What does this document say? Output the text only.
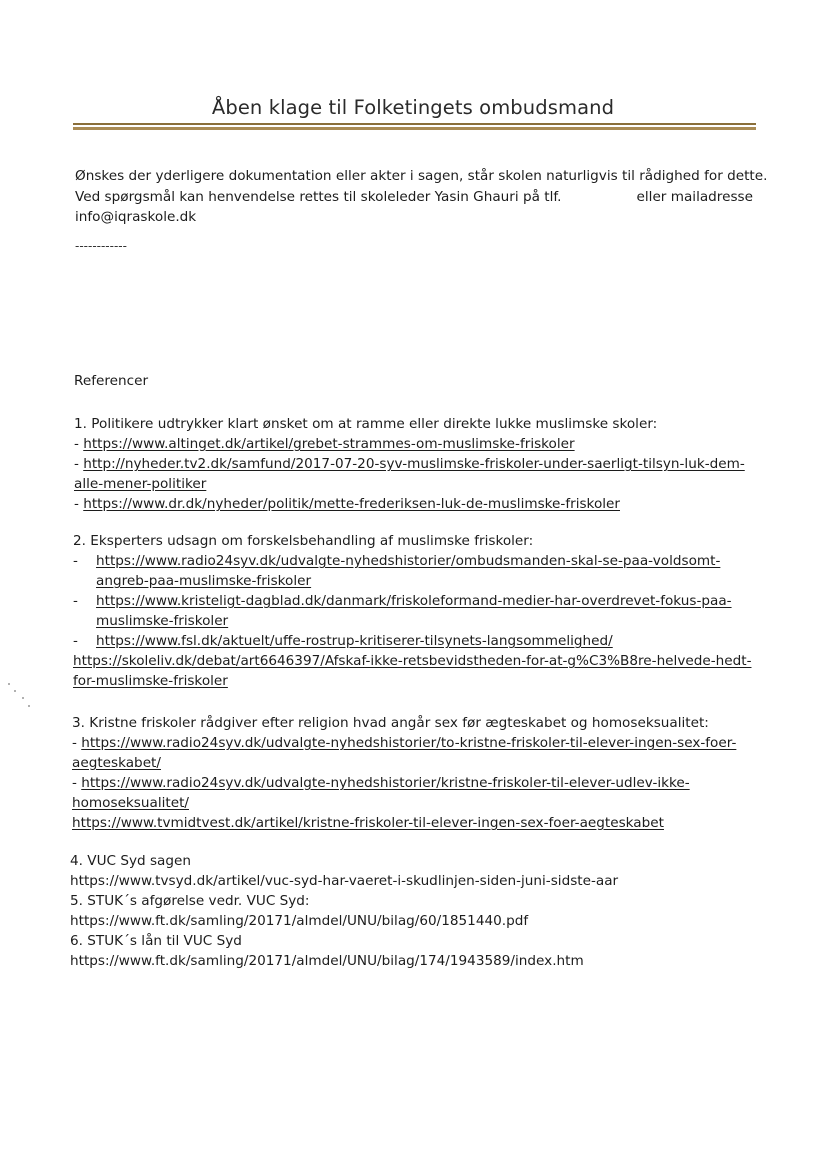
Åben klage til Folketingets ombudsmand
Ønskes der yderligere dokumentation eller akter i sagen, står skolen naturligvis til rådighed for dette.
Ved spørgsmål kan henvendelse rettes til skoleleder Yasin Ghauri på tlf.	eller mailadresse
info@iqraskole.dk
------------
Referencer
1. Politikere udtrykker klart ønsket om at ramme eller direkte lukke muslimske skoler:
- https://www.altinget.dk/artikel/grebet-strammes-om-muslimske-friskoler
- http://nyheder.tv2.dk/samfund/2017-07-20-syv-muslimske-friskoler-under-saerligt-tilsyn-luk-dem-
alle-mener-politiker
- https://www.dr.dk/nyheder/politik/mette-frederiksen-luk-de-muslimske-friskoler
2. Eksperters udsagn om forskelsbehandling af muslimske friskoler:
- https://www.radio24syv.dk/udvalgte-nyhedshistorier/ombudsmanden-skal-se-paa-voldsomt-
angreb-paa-muslimske-friskoler
- https://www.kristeligt-dagblad.dk/danmark/friskoleformand-medier-har-overdrevet-fokus-paa-
muslimske-friskoler
- https://www.fsl.dk/aktuelt/uffe-rostrup-kritiserer-tilsynets-langsommelighed/
https://skoleliv.dk/debat/art6646397/Afskaf-ikke-retsbevidstheden-for-at-g%C3%B8re-helvede-hedt-
for-muslimske-friskoler
3. Kristne friskoler rådgiver efter religion hvad angår sex før ægteskabet og homoseksualitet:
- https://www.radio24syv.dk/udvalgte-nyhedshistorier/to-kristne-friskoler-til-elever-ingen-sex-foer-
aegteskabet/
- https://www.radio24syv.dk/udvalgte-nyhedshistorier/kristne-friskoler-til-elever-udlev-ikke-
homoseksualitet/
https://www.tvmidtvest.dk/artikel/kristne-friskoler-til-elever-ingen-sex-foer-aegteskabet
4. VUC Syd sagen
https://www.tvsyd.dk/artikel/vuc-syd-har-vaeret-i-skudlinjen-siden-juni-sidste-aar
5. STUK´s afgørelse vedr. VUC Syd:
https://www.ft.dk/samling/20171/almdel/UNU/bilag/60/1851440.pdf
6. STUK´s lån til VUC Syd
https://www.ft.dk/samling/20171/almdel/UNU/bilag/174/1943589/index.htm
